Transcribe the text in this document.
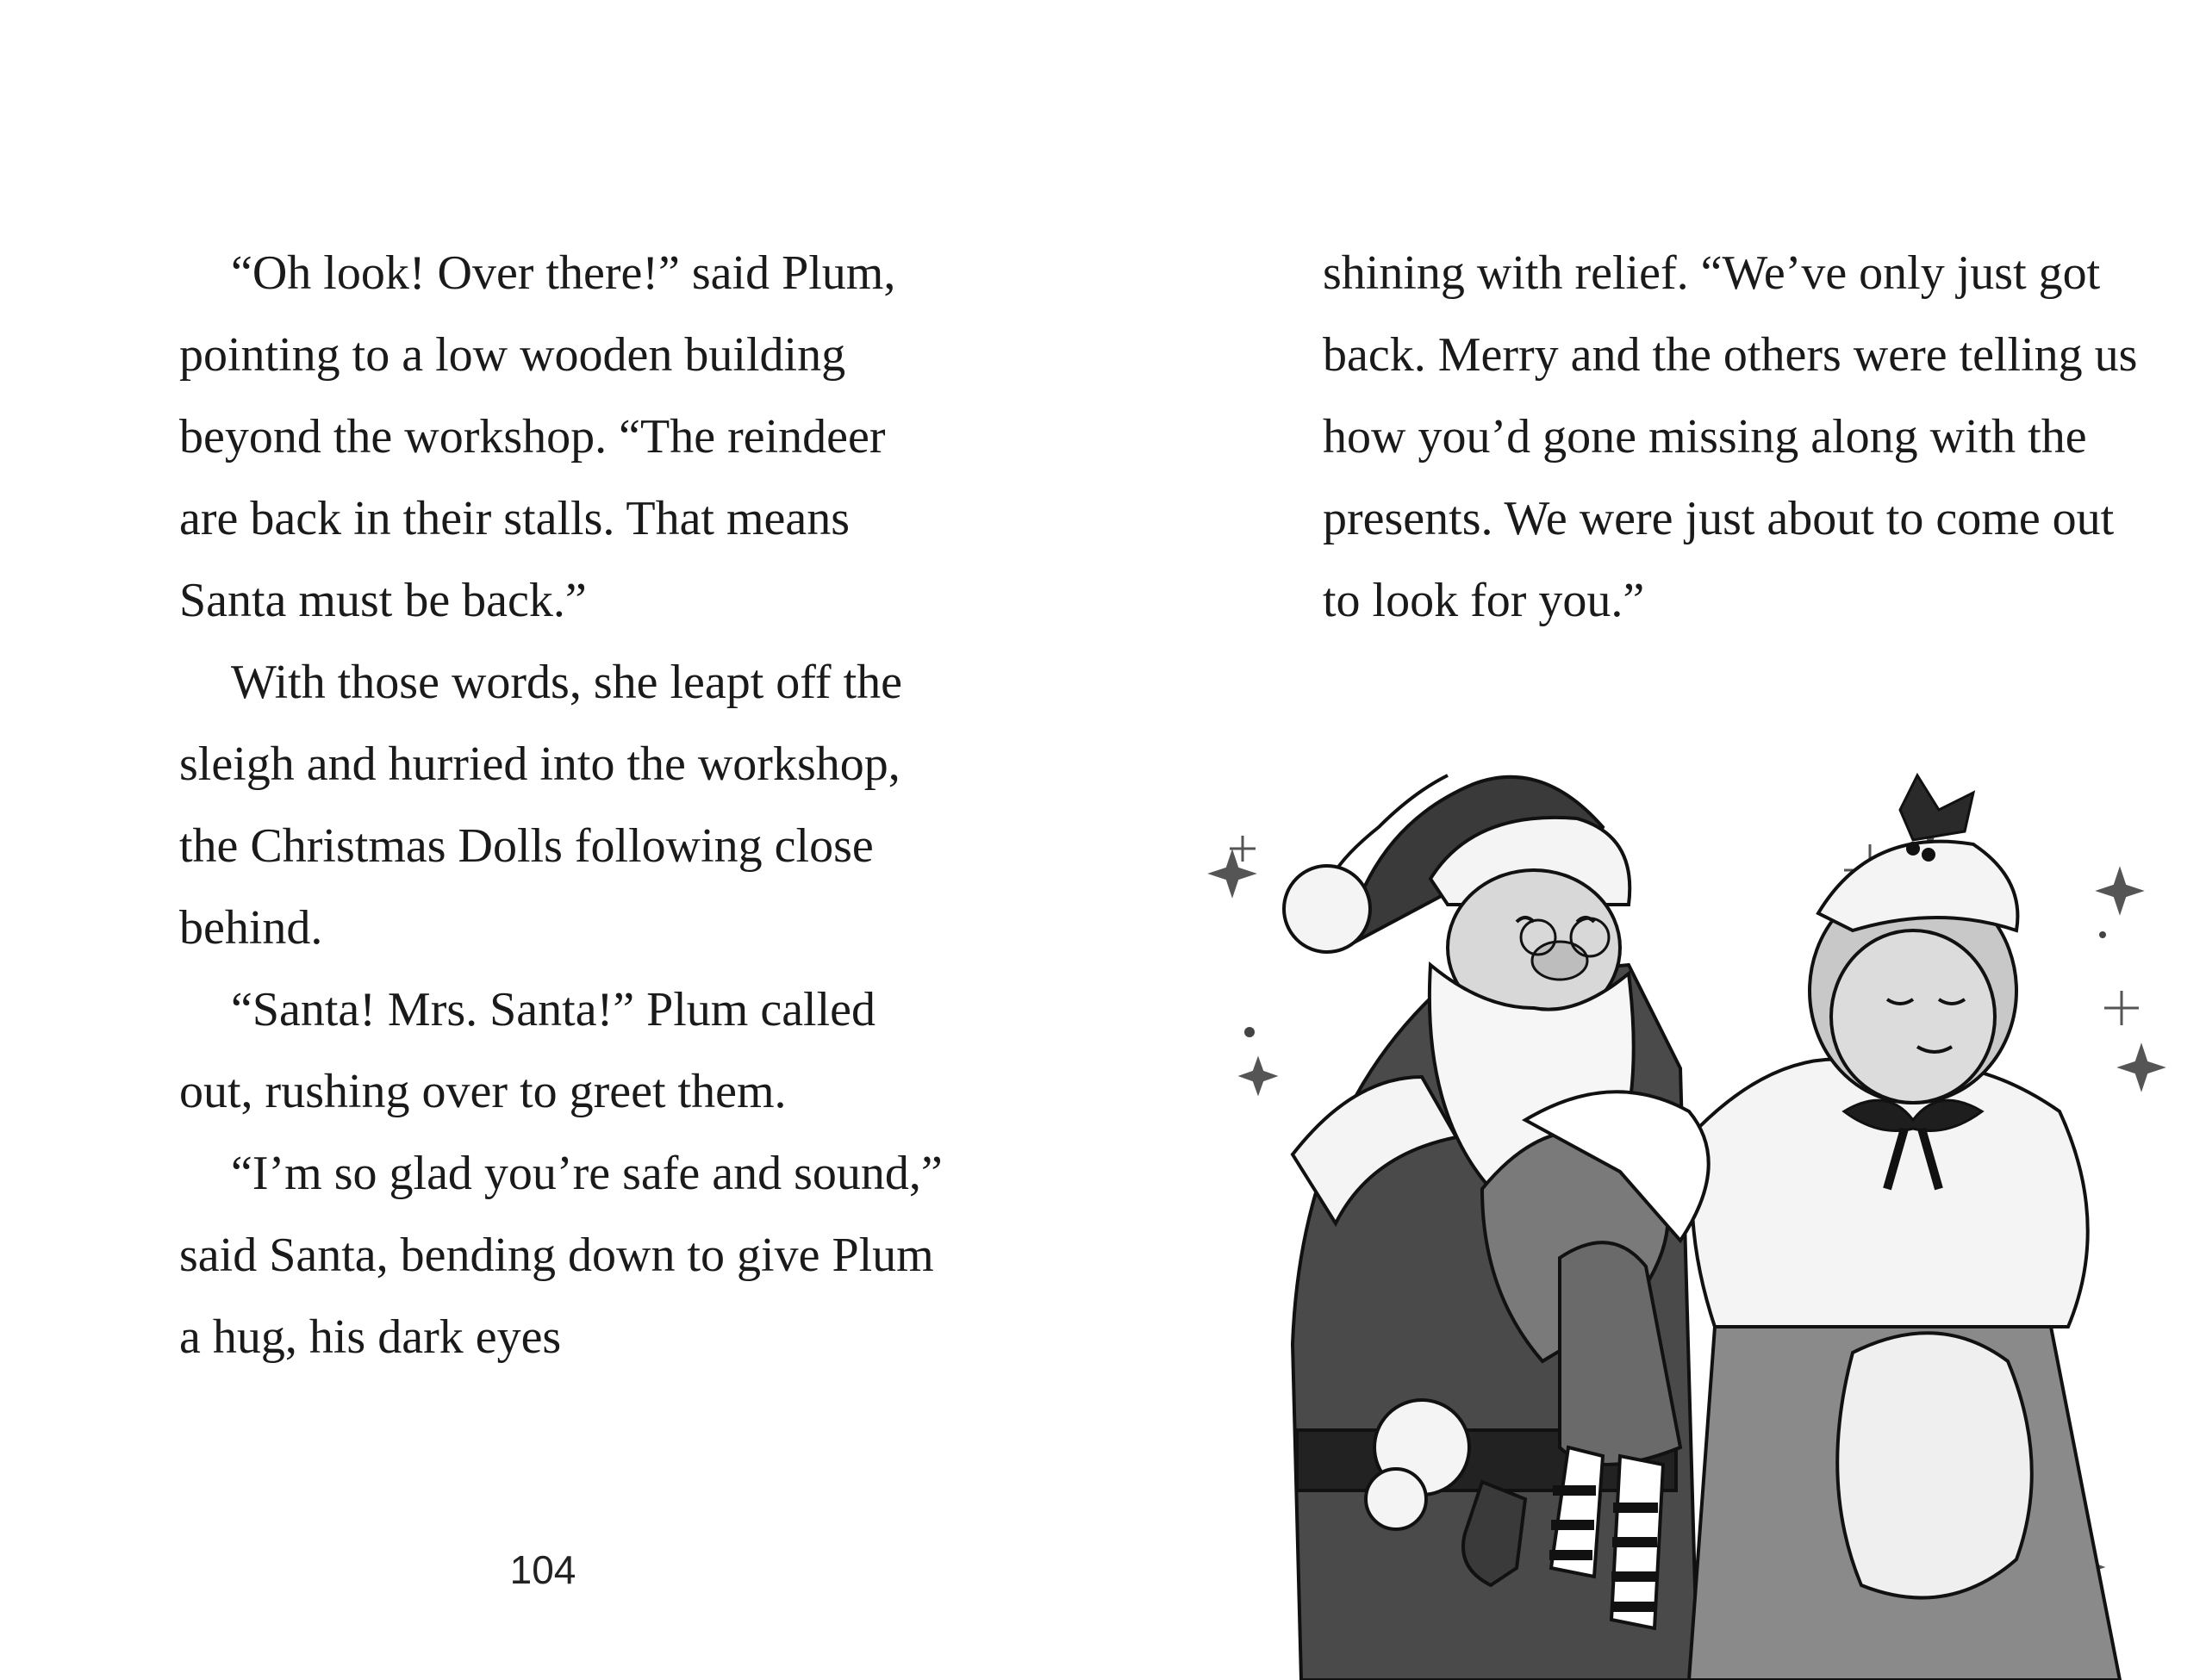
“Oh look! Over there!” said Plum, pointing to a low wooden building beyond the workshop. “The reindeer are back in their stalls. That means Santa must be back.”

With those words, she leapt off the sleigh and hurried into the workshop, the Christmas Dolls following close behind.

“Santa! Mrs. Santa!” Plum called out, rushing over to greet them.

“I’m so glad you’re safe and sound,” said Santa, bending down to give Plum a hug, his dark eyes

104

shining with relief. “We’ve only just got back. Merry and the others were telling us how you’d gone missing along with the presents. We were just about to come out to look for you.”
